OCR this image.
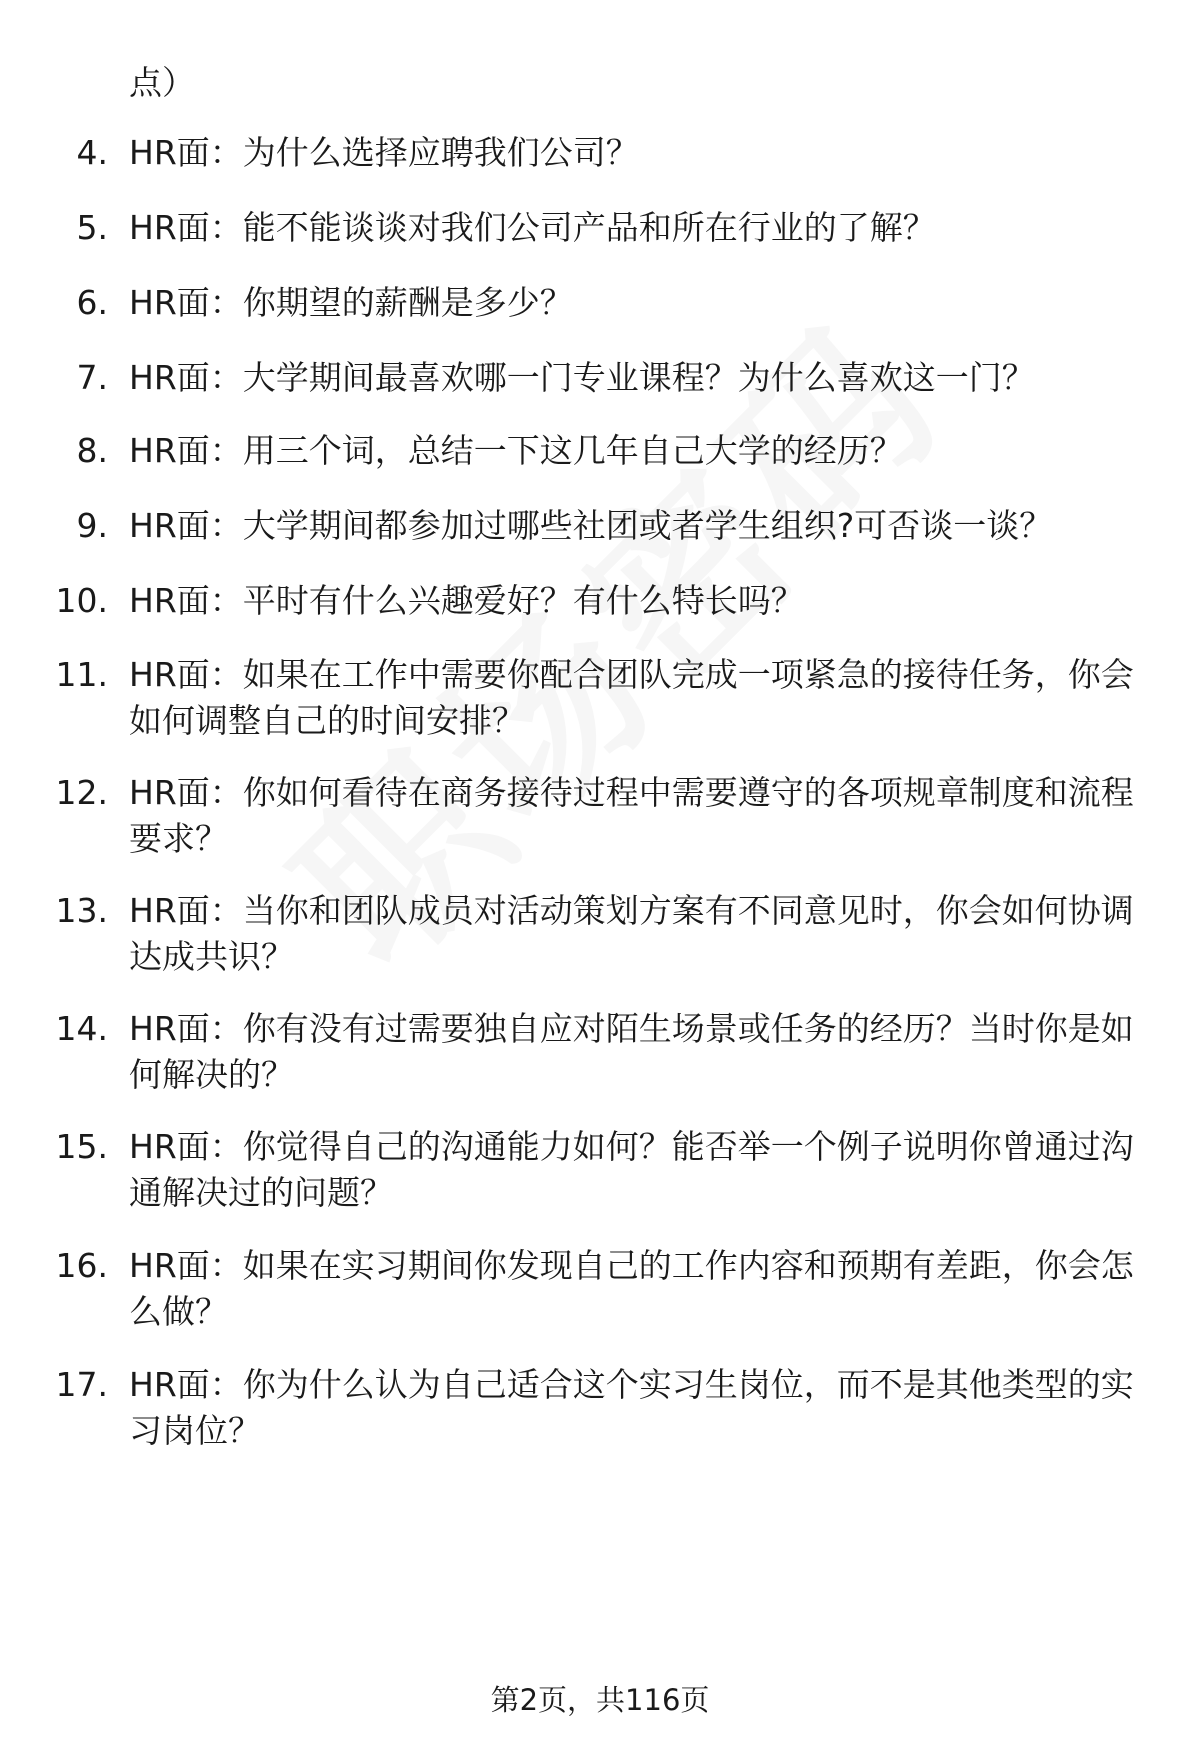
点）
4. HR面：为什么选择应聘我们公司？
5. HR面：能不能谈谈对我们公司产品和所在行业的了解？
6. HR面：你期望的薪酬是多少？
7. HR面：大学期间最喜欢哪一门专业课程？为什么喜欢这一门？
8. HR面：用三个词，总结一下这几年自己大学的经历？
9. HR面：大学期间都参加过哪些社团或者学生组织?可否谈一谈？
10. HR面：平时有什么兴趣爱好？有什么特长吗？
11. HR面：如果在工作中需要你配合团队完成一项紧急的接待任务，你会如何调整自己的时间安排？
12. HR面：你如何看待在商务接待过程中需要遵守的各项规章制度和流程要求？
13. HR面：当你和团队成员对活动策划方案有不同意见时，你会如何协调达成共识？
14. HR面：你有没有过需要独自应对陌生场景或任务的经历？当时你是如何解决的？
15. HR面：你觉得自己的沟通能力如何？能否举一个例子说明你曾通过沟通解决过的问题？
16. HR面：如果在实习期间你发现自己的工作内容和预期有差距，你会怎么做？
17. HR面：你为什么认为自己适合这个实习生岗位，而不是其他类型的实习岗位？
第2页，共116页
